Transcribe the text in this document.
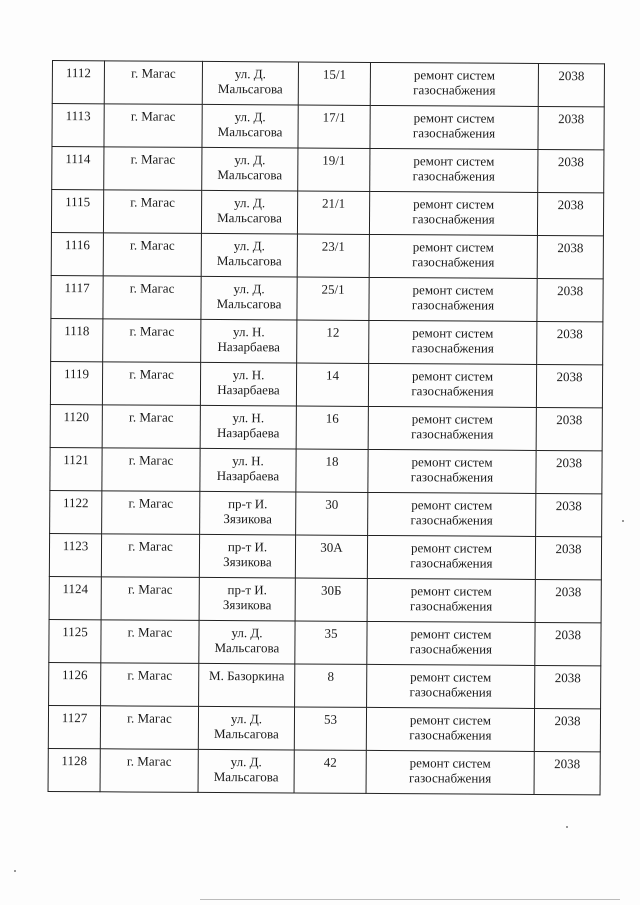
1112	г. Магас	ул. Д. Мальсагова	15/1	ремонт систем газоснабжения	2038
1113	г. Магас	ул. Д. Мальсагова	17/1	ремонт систем газоснабжения	2038
1114	г. Магас	ул. Д. Мальсагова	19/1	ремонт систем газоснабжения	2038
1115	г. Магас	ул. Д. Мальсагова	21/1	ремонт систем газоснабжения	2038
1116	г. Магас	ул. Д. Мальсагова	23/1	ремонт систем газоснабжения	2038
1117	г. Магас	ул. Д. Мальсагова	25/1	ремонт систем газоснабжения	2038
1118	г. Магас	ул. Н. Назарбаева	12	ремонт систем газоснабжения	2038
1119	г. Магас	ул. Н. Назарбаева	14	ремонт систем газоснабжения	2038
1120	г. Магас	ул. Н. Назарбаева	16	ремонт систем газоснабжения	2038
1121	г. Магас	ул. Н. Назарбаева	18	ремонт систем газоснабжения	2038
1122	г. Магас	пр-т И. Зязикова	30	ремонт систем газоснабжения	2038
1123	г. Магас	пр-т И. Зязикова	30А	ремонт систем газоснабжения	2038
1124	г. Магас	пр-т И. Зязикова	30Б	ремонт систем газоснабжения	2038
1125	г. Магас	ул. Д. Мальсагова	35	ремонт систем газоснабжения	2038
1126	г. Магас	М. Базоркина	8	ремонт систем газоснабжения	2038
1127	г. Магас	ул. Д. Мальсагова	53	ремонт систем газоснабжения	2038
1128	г. Магас	ул. Д. Мальсагова	42	ремонт систем газоснабжения	2038
